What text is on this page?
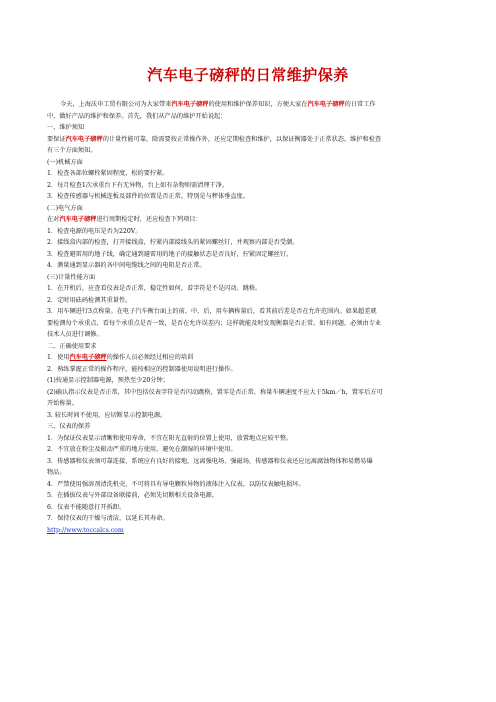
汽车电子磅秤的日常维护保养
今天，上海沃申工贸有限公司为大家带来汽车电子磅秤的使用和维护保养知识，方便大家在汽车电子磅秤的日常工作
中，做好产品的维护和保养。首先，我们从产品的维护开始说起：
一、维护须知
要保证汽车电子磅秤的计量性能可靠，除需要按正常操作外，还应定期检查和维护，以保证衡器处于正常状态。维护和检查
有三个方面须知。
(一)机械方面
1．检查各部位螺栓紧固程度，松的要拧紧。
2．每月检查1次承重台下有无异物，台上如有杂物则需清理干净。
3．检查传感器与机械连板及部件的位置是否正常，特别是与秤体垂直度。
(二)电气方面
在对汽车电子磅秤进行周期检定时，还应检查下列项目：
1．检查电源的电压是否为220V。
2．接线盒内部的检查，打开接线盒，拧紧内部接线头的紧固螺丝钉，并观察内部是否受潮。
3．检查避雷用的地子线，确定通到避雷用的地子的接触状态是否良好，拧紧固定螺丝钉。
4．测量通到显示器的各中间电缆线之间的电阻是否正常。
(三)计量性能方面
1．在开机后，应查看仪表是否正常，稳定性如何，看字符是不是闪动、跳格。
2．定时用砝码检测其重量性。
3．用车辆进行3点称量。在电子汽车衡台面上的前、中、后，用车辆称量后，看其前后差是否在允许范围内。如果超差就
要检测每个承重点，看每个承重点是否一致，是否在允许误差内；这样就能及时发现衡器是否正常。如有问题，必须由专业
技术人员进行调修。
二、正确使用要求
1．使用汽车电子磅秤的操作人员必须经过相应的培训
2．熟练掌握正常的操作程序，能按相应的控制器使用说明进行操作。
(1)按通显示控制器电源，预热至少20分钟；
(2)确认指示仪表是否正常，其中包括仪表字符是否闪动跳格，置零是否正常，称量车辆速度不应大于5km／h，置零后方可
开始称量。
3. 较长时间不使用，应切断显示控制电源。
三、仪表的保养
1．为保证仪表显示清晰和使用寿命，不宜在阳光直射的位置上使用，放置地点应较平整。
2．不宜放在粉尘及振动严重的地方使用，避免在潮湿的环境中使用。
3．传感器和仪表须可靠连接，系统应有良好的接地，远离强电场、强磁场，传感器和仪表还应远离腐蚀物体和易燃易爆
物品。
4．严禁使用强溶剂清洗机壳，不可将具有导电颗粒异物的液体注入仪表，以防仪表触电损坏。
5．在插拔仪表与外部设备联接前，必须先切断相关设备电源。
6．仪表不能随意打开拆卸。
7．保持仪表的干燥与清洁，以延长其寿命。
http://www.toccalcs.com
